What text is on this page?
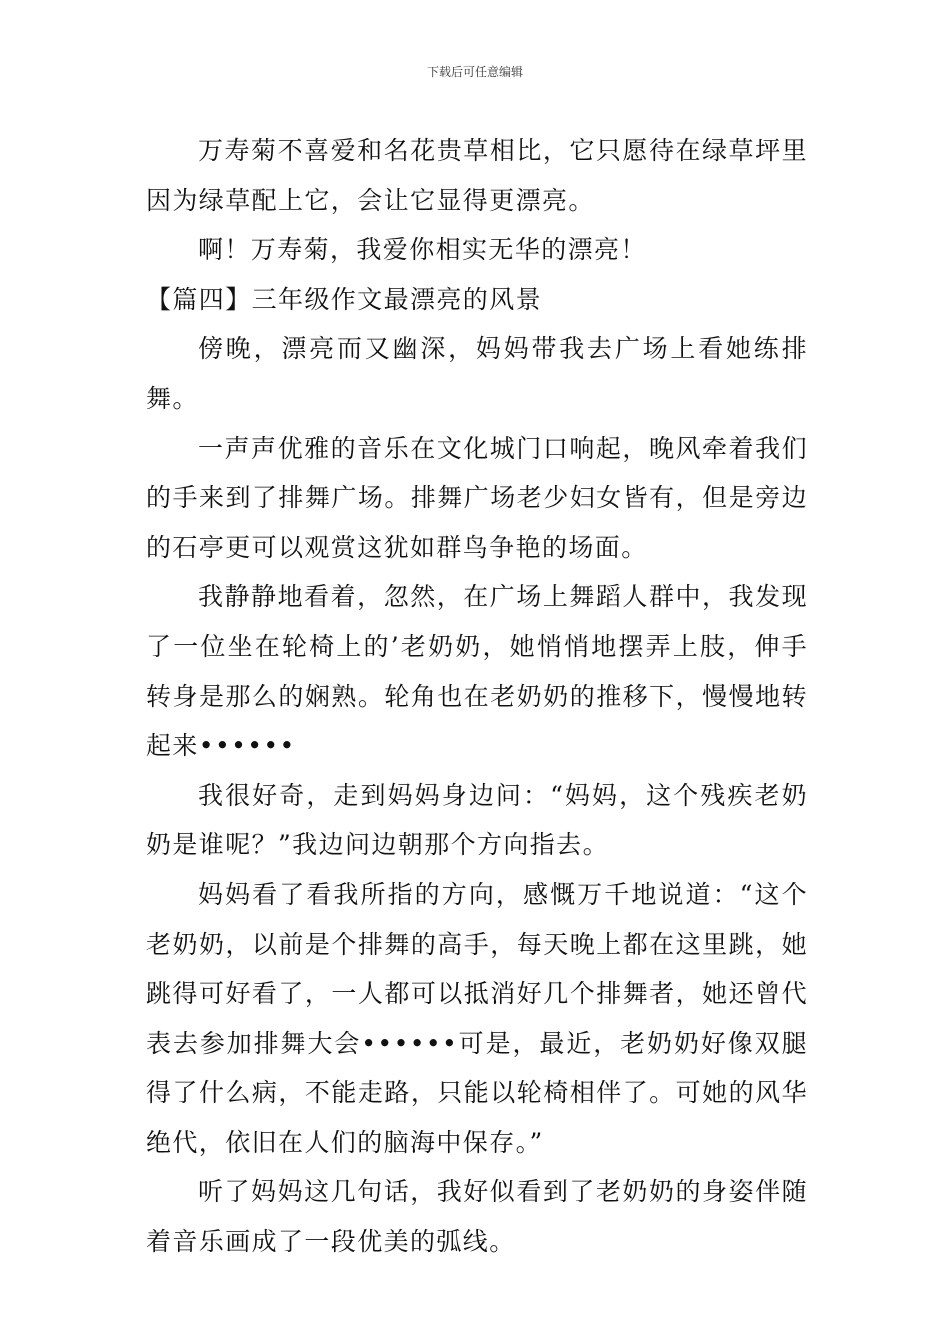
下载后可任意编辑

万寿菊不喜爱和名花贵草相比，它只愿待在绿草坪里因为绿草配上它，会让它显得更漂亮。

啊！万寿菊，我爱你相实无华的漂亮！

【篇四】三年级作文最漂亮的风景

傍晚，漂亮而又幽深，妈妈带我去广场上看她练排舞。

一声声优雅的音乐在文化城门口响起，晚风牵着我们的手来到了排舞广场。排舞广场老少妇女皆有，但是旁边的石亭更可以观赏这犹如群鸟争艳的场面。

我静静地看着，忽然，在广场上舞蹈人群中，我发现了一位坐在轮椅上的’老奶奶，她悄悄地摆弄上肢，伸手转身是那么的娴熟。轮角也在老奶奶的推移下，慢慢地转起来••••••

我很好奇，走到妈妈身边问：“妈妈，这个残疾老奶奶是谁呢？”我边问边朝那个方向指去。

妈妈看了看我所指的方向，感慨万千地说道：“这个老奶奶，以前是个排舞的高手，每天晚上都在这里跳，她跳得可好看了，一人都可以抵消好几个排舞者，她还曾代表去参加排舞大会••••••可是，最近，老奶奶好像双腿得了什么病，不能走路，只能以轮椅相伴了。可她的风华绝代，依旧在人们的脑海中保存。”

听了妈妈这几句话，我好似看到了老奶奶的身姿伴随着音乐画成了一段优美的弧线。
